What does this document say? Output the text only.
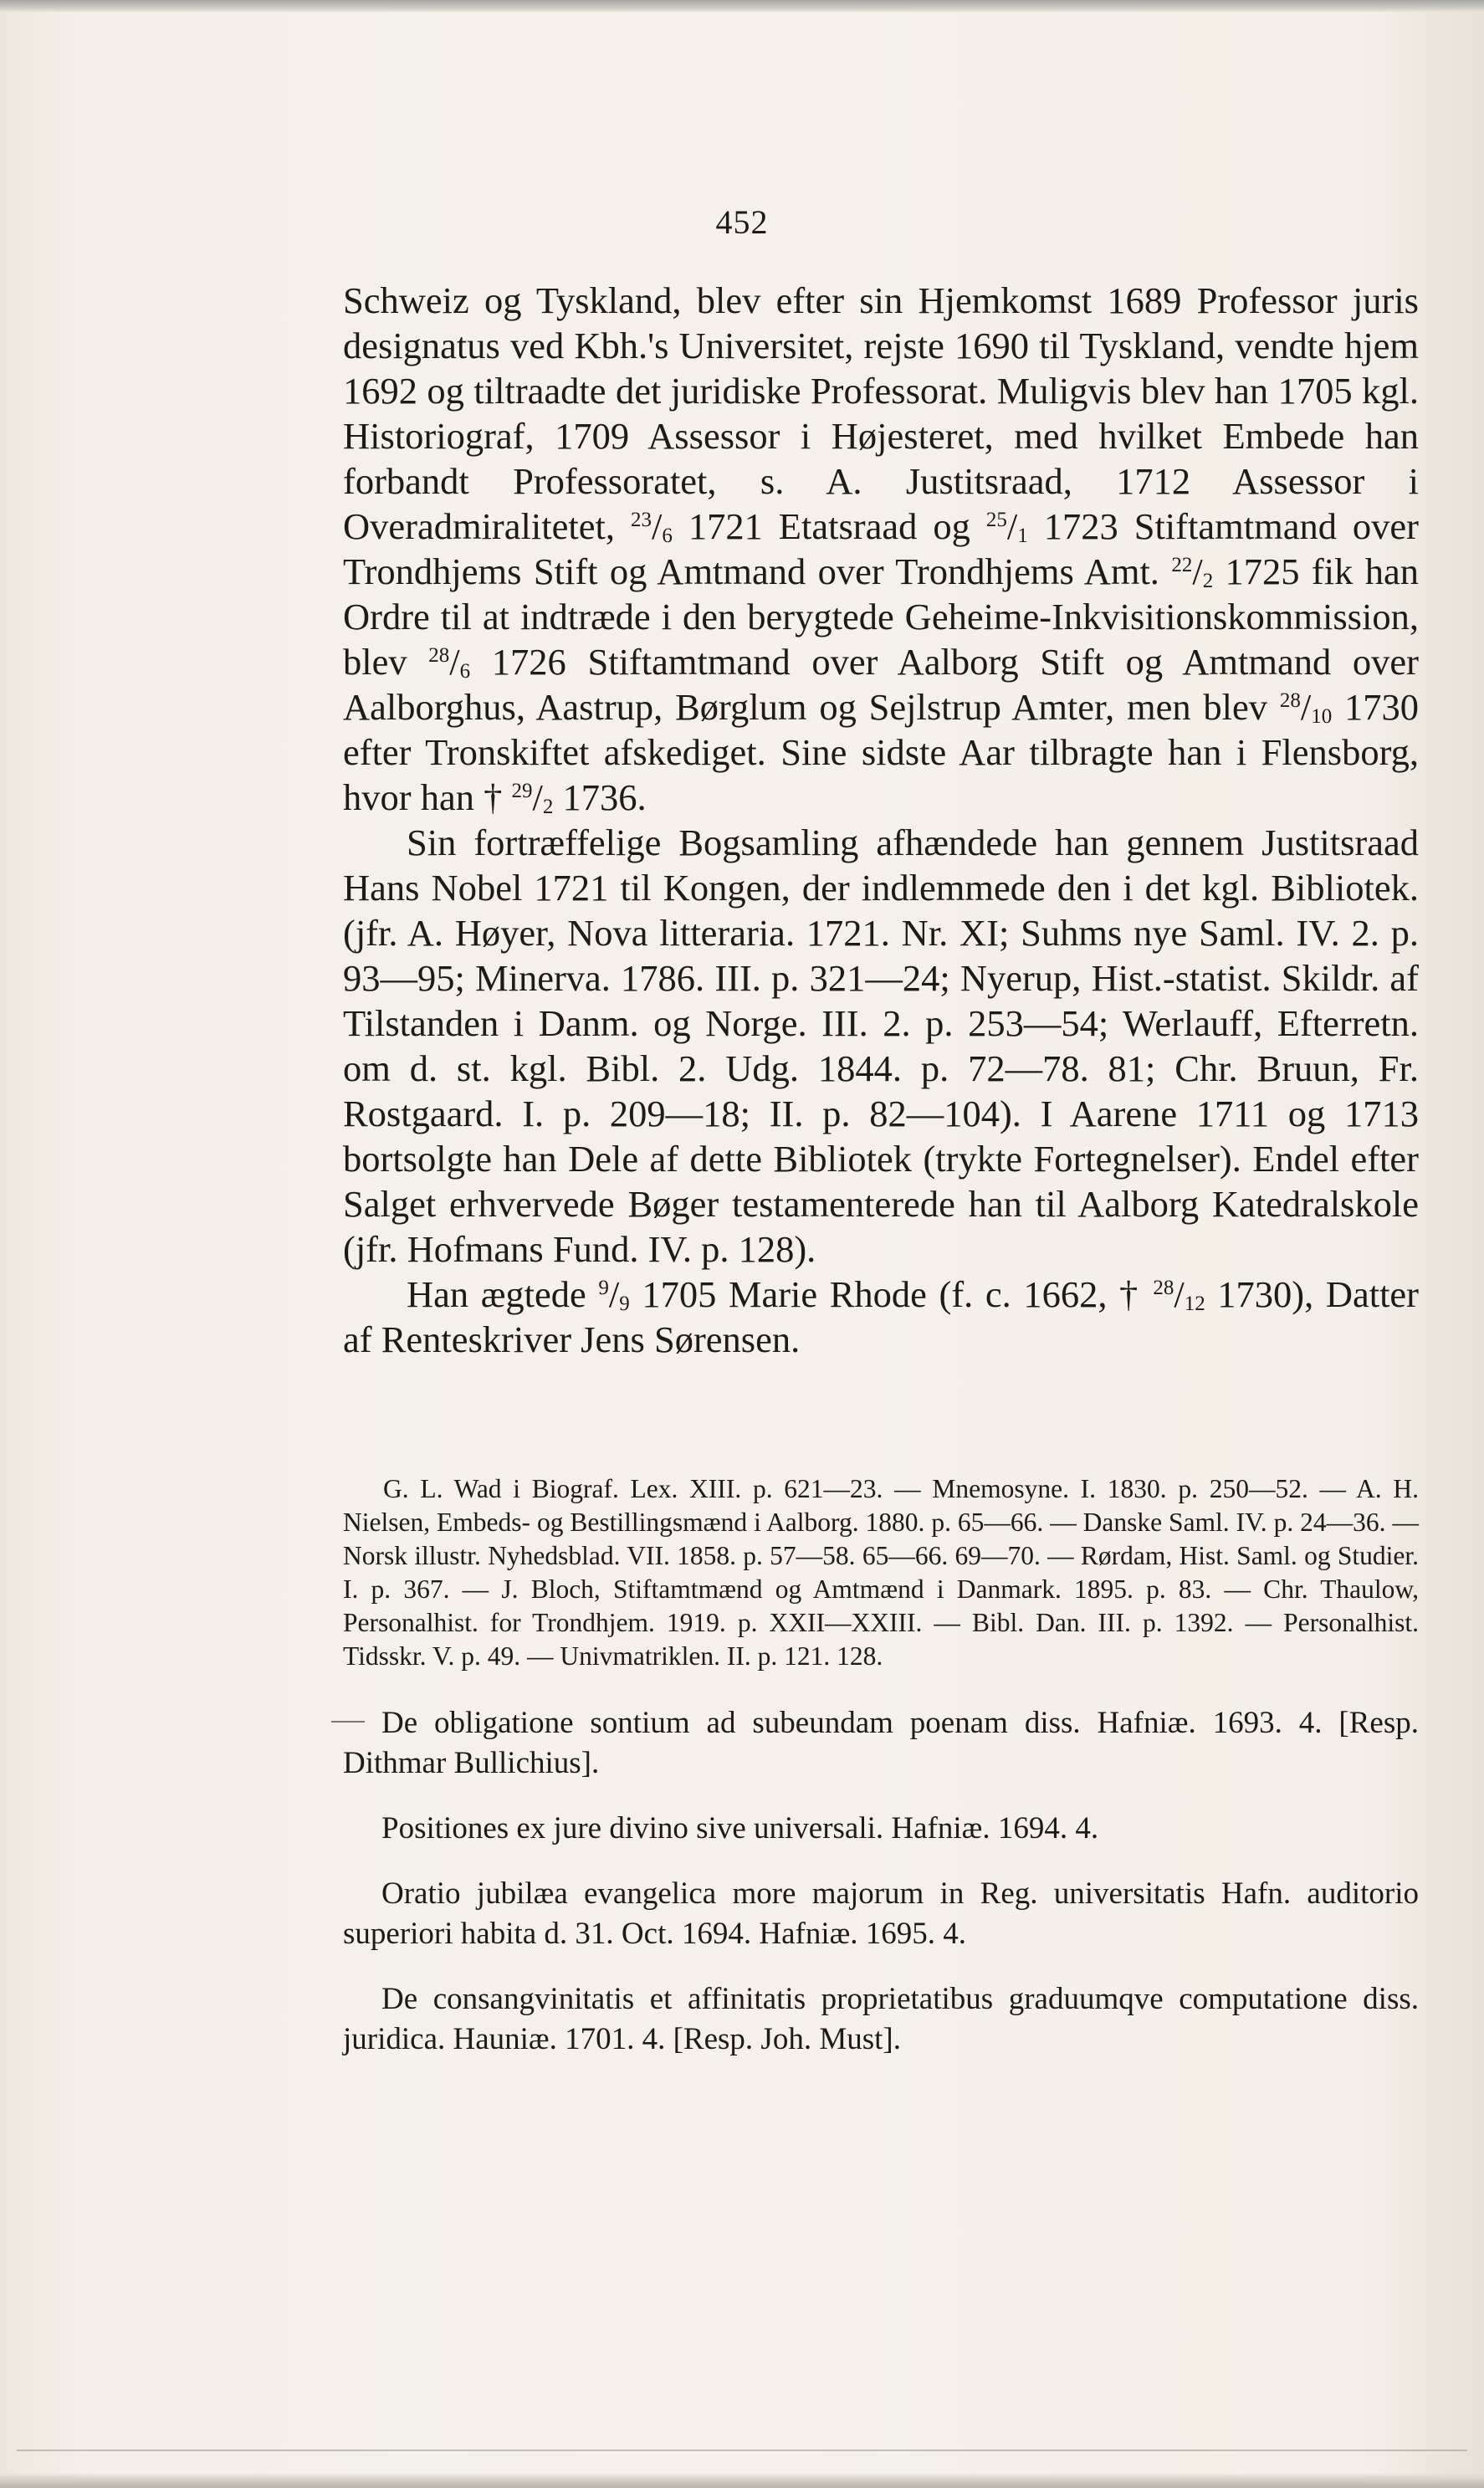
452

Schweiz og Tyskland, blev efter sin Hjemkomst 1689 Professor juris designatus ved Kbh.'s Universitet, rejste 1690 til Tyskland, vendte hjem 1692 og tiltraadte det juridiske Professorat. Muligvis blev han 1705 kgl. Historiograf, 1709 Assessor i Højesteret, med hvilket Embede han forbandt Professoratet, s. A. Justitsraad, 1712 Assessor i Overadmiralitetet, $^{23}/_6$ 1721 Etatsraad og $^{25}/_1$ 1723 Stiftamtmand over Trondhjems Stift og Amtmand over Trondhjems Amt. $^{22}/_2$ 1725 fik han Ordre til at indtræde i den berygtede Geheime-Inkvisitionskommission, blev $^{28}/_6$ 1726 Stiftamtmand over Aalborg Stift og Amtmand over Aalborghus, Aastrup, Børglum og Sejlstrup Amter, men blev $^{28}/_{10}$ 1730 efter Tronskiftet afskediget. Sine sidste Aar tilbragte han i Flensborg, hvor han † $^{29}/_2$ 1736.

Sin fortræffelige Bogsamling afhændede han gennem Justitsraad Hans Nobel 1721 til Kongen, der indlemmede den i det kgl. Bibliotek. (jfr. A. Høyer, Nova litteraria. 1721. Nr. XI; Suhms nye Saml. IV. 2. p. 93—95; Minerva. 1786. III. p. 321—24; Nyerup, Hist.-statist. Skildr. af Tilstanden i Danm. og Norge. III. 2. p. 253—54; Werlauff, Efterretn. om d. st. kgl. Bibl. 2. Udg. 1844. p. 72—78. 81; Chr. Bruun, Fr. Rostgaard. I. p. 209—18; II. p. 82—104). I Aarene 1711 og 1713 bortsolgte han Dele af dette Bibliotek (trykte Fortegnelser). Endel efter Salget erhvervede Bøger testamenterede han til Aalborg Katedralskole (jfr. Hofmans Fund. IV. p. 128).

Han ægtede $^9/_9$ 1705 Marie Rhode (f. c. 1662, † $^{28}/_{12}$ 1730), Datter af Renteskriver Jens Sørensen.

G. L. Wad i Biograf. Lex. XIII. p. 621—23. — Mnemosyne. I. 1830. p. 250—52. — A. H. Nielsen, Embeds- og Bestillingsmænd i Aalborg. 1880. p. 65—66. — Danske Saml. IV. p. 24—36. — Norsk illustr. Nyhedsblad. VII. 1858. p. 57—58. 65—66. 69—70. — Rørdam, Hist. Saml. og Studier. I. p. 367. — J. Bloch, Stiftamtmænd og Amtmænd i Danmark. 1895. p. 83. — Chr. Thaulow, Personalhist. for Trondhjem. 1919. p. XXII—XXIII. — Bibl. Dan. III. p. 1392. — Personalhist. Tidsskr. V. p. 49. — Univmatriklen. II. p. 121. 128.

De obligatione sontium ad subeundam poenam diss. Hafniæ. 1693. 4. [Resp. Dithmar Bullichius].

Positiones ex jure divino sive universali. Hafniæ. 1694. 4.

Oratio jubilæa evangelica more majorum in Reg. universitatis Hafn. auditorio superiori habita d. 31. Oct. 1694. Hafniæ. 1695. 4.

De consangvinitatis et affinitatis proprietatibus graduumqve computatione diss. juridica. Hauniæ. 1701. 4. [Resp. Joh. Must].
